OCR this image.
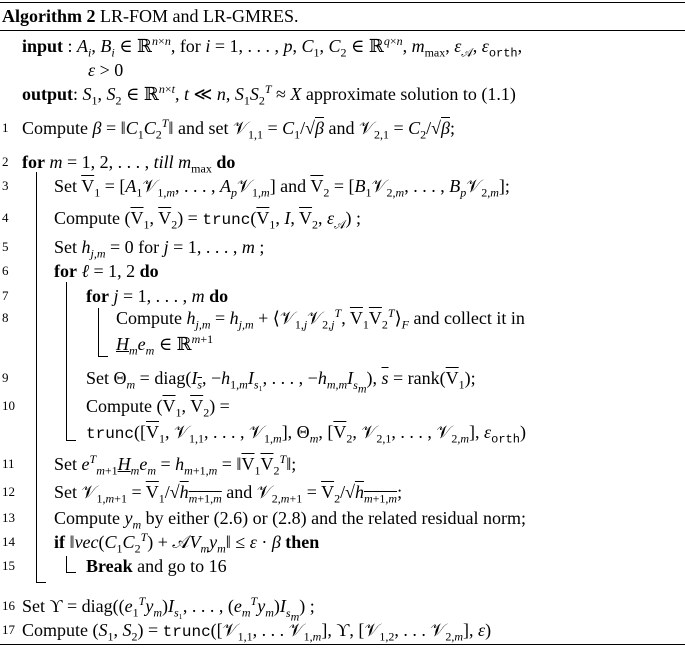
Algorithm 2 LR-FOM and LR-GMRES.
input : $A_i$, $B_i$ ∈ ℝ$^{n\times n}$, for i = 1, . . . , p, $C_1$, $C_2$ ∈ ℝ$^{q\times n}$, $m_{max}$, $\varepsilon_𝒜$, $\varepsilon_{orth}$,
ε > 0
output: $S_1$, $S_2$ ∈ ℝ$^{n\times t}$, t ≪ n, $S_1S_2^T \approx X$ approximate solution to (1.1)
1 Compute $\beta = ‖C_1C_2^T‖$ and set 𝒱$_{1,1}$ = $C_1/√\beta$ and 𝒱$_{2,1}$ = $C_2/√\beta$;
2 for m = 1, 2, . . . , till $m_{max}$ do
3	Set $\overline{V}_1$ = [$A_1𝒱_{1,m}$, . . . , $A_p𝒱_{1,m}$] and $\overline{V}_2$ = [$B_1𝒱_{2,m}$, . . . , $B_p𝒱_{2,m}$];
4	Compute ($\overline{V}_1$, $\overline{V}_2$) = $trunc(\overline{V}_1$, I, $\overline{V}_2$, $\varepsilon_𝒜$) ;
5	Set $h_{j,m} = 0$ for j = 1, . . . , m ;
6	for ℓ = 1, 2 do
7	for j = 1, . . . , m do
8	Compute $h_{j,m} = h_{j,m}$ + ⟨𝒱$_{1,j}$𝒱$_{2,j}^T$, $\overline{V}_1\overline{V}_2^T⟩_F$ and collect it in
$H_me_m$ ∈ ℝ$^{m+1}$
9	Set $\Theta_m$ = $diag(I_{\overline{s}}$, $-h_{1,m}I_{s_1}$, . . . , $-h_{m,m}I_{s_m}$), $\overline{s}$ = $rank(\overline{V}_1)$;
10	Compute ($\overline{V}_1$, $\overline{V}_2$) =
$trunc([\overline{V}_1$, 𝒱$_{1,1}$, . . . , 𝒱$_{1,m}$], $\Theta_m$, [$\overline{V}_2$, 𝒱$_{2,1}$, . . . , 𝒱$_{2,m}$], $\varepsilon_{orth}$)
11 Set $e^T_{m+1}H_me_m = h_{m+1,m}$ = $‖\overline{V}_1\overline{V}_2^T‖$;
12 Set 𝒱$_{1,m+1}$ = $\overline{V}_1/√h_{m+1,m}$ and 𝒱$_{2,m+1}$ = $\overline{V}_2/√h_{m+1,m}$;
13 Compute $y_m$ by either (2.6) or (2.8) and the related residual norm;
14 if $‖vec(C_1C_2^T)$ + $𝒜V_my_m‖ \le \varepsilon \cdot \beta$ then
15	Break and go to 16
16 Set $ϒ = diag((e_1^Ty_m)I_{s_1}$, . . . , $(e_m^Ty_m)I_{s_m}$) ;
17 Compute ($S_1$, $S_2$) = trunc([𝒱$_{1,1}$, . . . 𝒱$_{1,m}$], ϒ, [𝒱$_{1,2}$, . . . 𝒱$_{2,m}$], ε)
